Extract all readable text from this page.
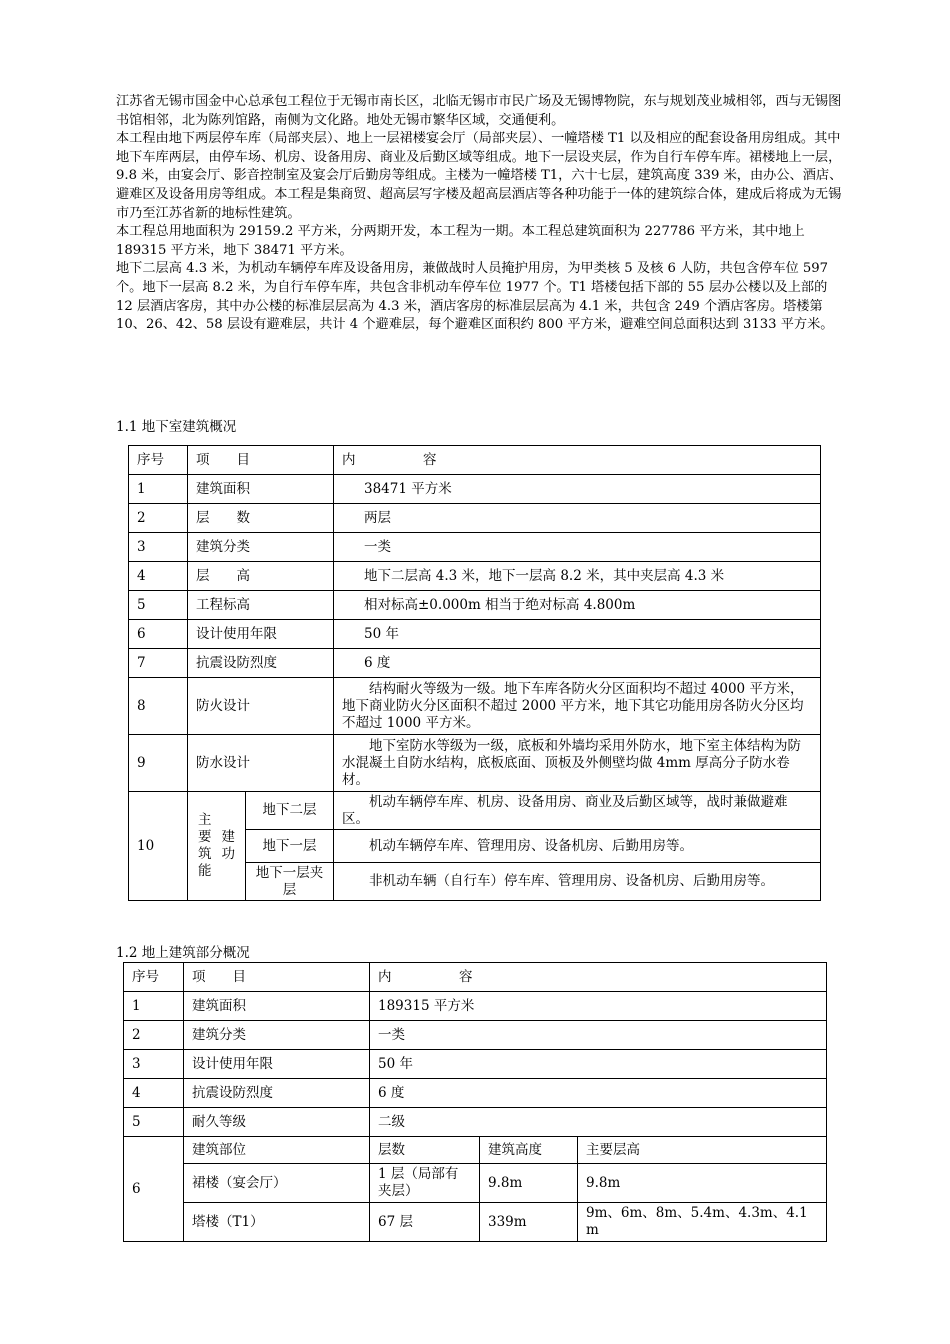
江苏省无锡市国金中心总承包工程位于无锡市南长区，北临无锡市市民广场及无锡博物院，东与规划茂业城相邻，西与无锡图书馆相邻，北为陈列馆路，南侧为文化路。地处无锡市繁华区域，交通便利。

本工程由地下两层停车库（局部夹层）、地上一层裙楼宴会厅（局部夹层）、一幢塔楼 T1 以及相应的配套设备用房组成。其中地下车库两层，由停车场、机房、设备用房、商业及后勤区域等组成。地下一层设夹层，作为自行车停车库。裙楼地上一层，9.8 米，由宴会厅、影音控制室及宴会厅后勤房等组成。主楼为一幢塔楼 T1，六十七层，建筑高度 339 米，由办公、酒店、避难区及设备用房等组成。本工程是集商贸、超高层写字楼及超高层酒店等各种功能于一体的建筑综合体，建成后将成为无锡市乃至江苏省新的地标性建筑。

本工程总用地面积为 29159.2 平方米，分两期开发，本工程为一期。本工程总建筑面积为 227786 平方米，其中地上 189315 平方米，地下 38471 平方米。

地下二层高 4.3 米，为机动车辆停车库及设备用房，兼做战时人员掩护用房，为甲类核 5 及核 6 人防，共包含停车位 597 个。地下一层高 8.2 米，为自行车停车库，共包含非机动车停车位 1977 个。T1 塔楼包括下部的 55 层办公楼以及上部的 12 层酒店客房，其中办公楼的标准层层高为 4.3 米，酒店客房的标准层层高为 4.1 米，共包含 249 个酒店客房。塔楼第 10、26、42、58 层设有避难层，共计 4 个避难层，每个避难区面积约 800 平方米，避难空间总面积达到 3133 平方米。

1.1 地下室建筑概况
序号	项　　目		内　　　　　容
1	建筑面积		38471 平方米
2	层　　数		两层
3	建筑分类		一类
4	层　　高		地下二层高 4.3 米，地下一层高 8.2 米，其中夹层高 4.3 米
5	工程标高		相对标高±0.000m 相当于绝对标高 4.800m
6	设计使用年限		50 年
7	抗震设防烈度		6 度
8	防火设计		结构耐火等级为一级。地下车库各防火分区面积均不超过 4000 平方米，地下商业防火分区面积不超过 2000 平方米，地下其它功能用房各防火分区均不超过 1000 平方米。
9	防水设计		地下室防水等级为一级，底板和外墙均采用外防水，地下室主体结构为防水混凝土自防水结构，底板底面、顶板及外侧壁均做 4mm 厚高分子防水卷材。
10	主　要建　筑功能	地下二层	机动车辆停车库、机房、设备用房、商业及后勤区域等，战时兼做避难区。
		地下一层	机动车辆停车库、管理用房、设备机房、后勤用房等。
		地下一层夹层	非机动车辆（自行车）停车库、管理用房、设备机房、后勤用房等。
1.2 地上建筑部分概况
序号	项　　目	内　　　　　容		
1	建筑面积	189315 平方米		
2	建筑分类	一类		
3	设计使用年限	50 年		
4	抗震设防烈度	6 度		
5	耐久等级	二级		
6	建筑部位	层数	建筑高度	主要层高
	裙楼（宴会厅）	1 层（局部有夹层）	9.8m	9.8m
	塔楼（T1）	67 层	339m	9m、6m、8m、5.4m、4.3m、4.1m
